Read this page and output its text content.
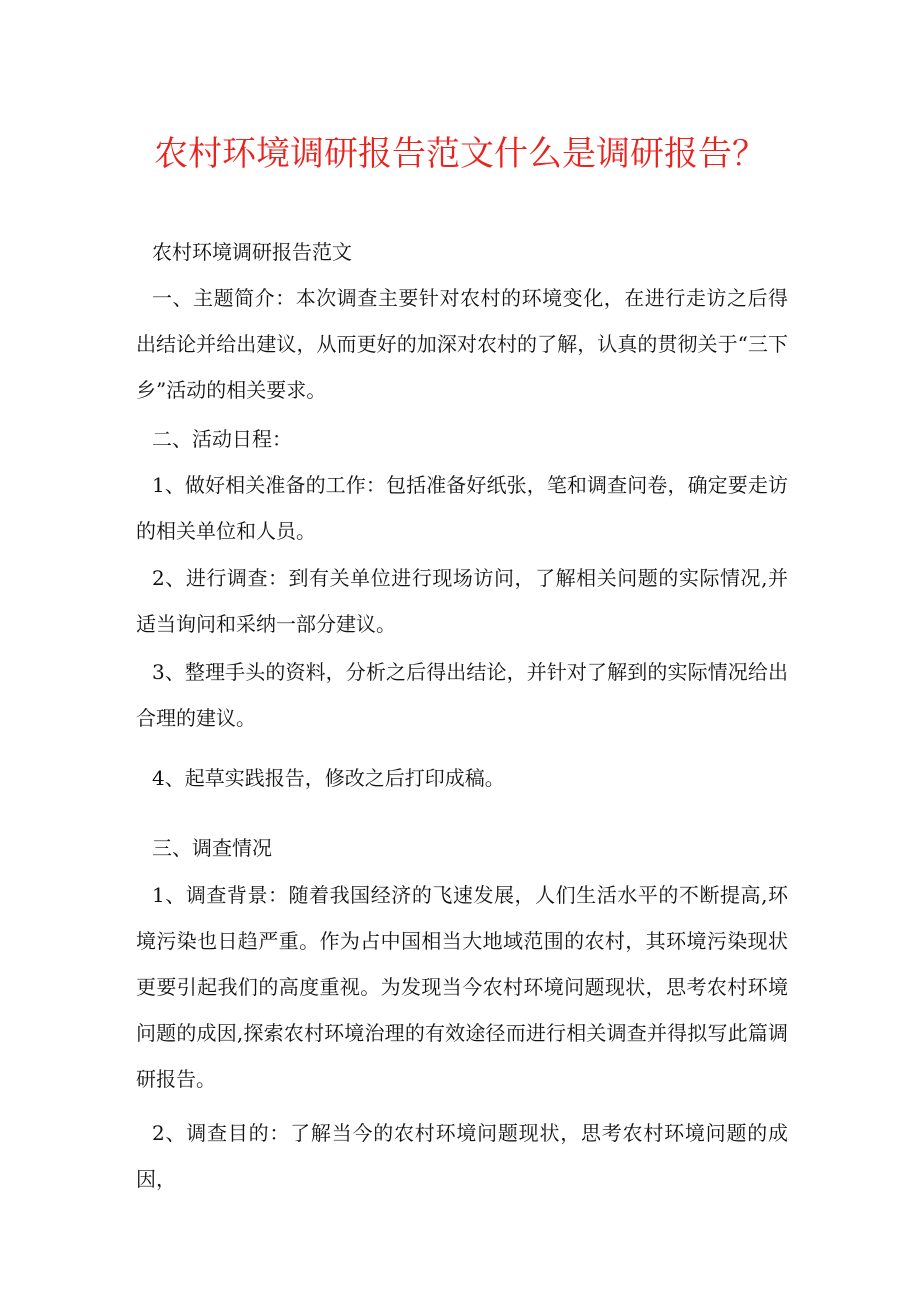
农村环境调研报告范文什么是调研报告？

农村环境调研报告范文

一、主题简介：本次调查主要针对农村的环境变化，在进行走访之后得出结论并给出建议，从而更好的加深对农村的了解，认真的贯彻关于“三下乡”活动的相关要求。

二、活动日程：

1、做好相关准备的工作：包括准备好纸张，笔和调查问卷，确定要走访的相关单位和人员。

2、进行调查：到有关单位进行现场访问，了解相关问题的实际情况,并适当询问和采纳一部分建议。

3、整理手头的资料，分析之后得出结论，并针对了解到的实际情况给出合理的建议。

4、起草实践报告，修改之后打印成稿。

三、调查情况

1、调查背景：随着我国经济的飞速发展，人们生活水平的不断提高,环境污染也日趋严重。作为占中国相当大地域范围的农村，其环境污染现状更要引起我们的高度重视。为发现当今农村环境问题现状，思考农村环境问题的成因,探索农村环境治理的有效途径而进行相关调查并得拟写此篇调研报告。

2、调查目的：了解当今的农村环境问题现状，思考农村环境问题的成因，
